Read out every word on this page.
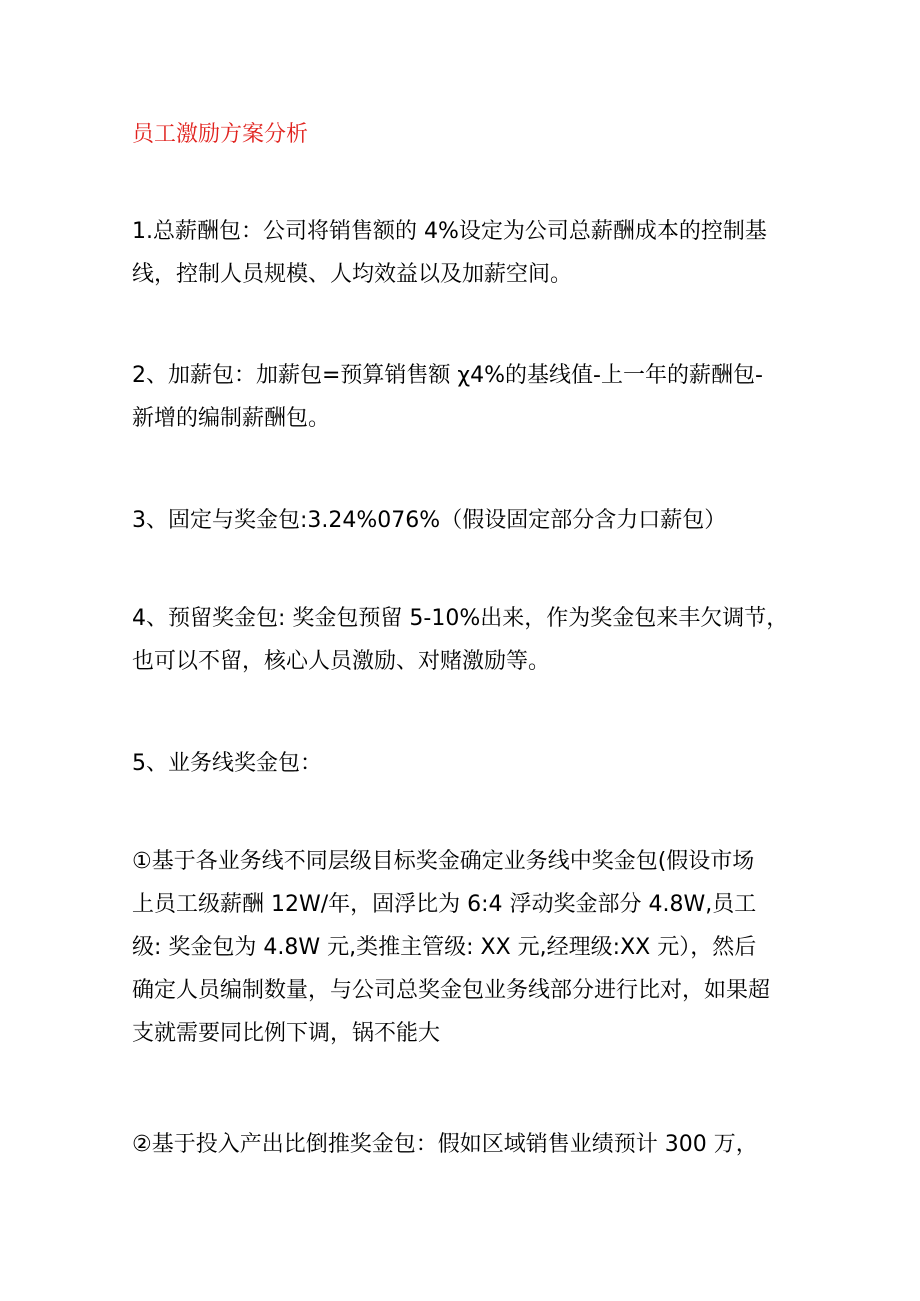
员工激励方案分析
1.总薪酬包：公司将销售额的 4%设定为公司总薪酬成本的控制基
线，控制人员规模、人均效益以及加薪空间。
2、加薪包：加薪包=预算销售额 χ4%的基线值-上一年的薪酬包-
新增的编制薪酬包。
3、固定与奖金包:3.24%076%（假设固定部分含力口薪包）
4、预留奖金包: 奖金包预留 5-10%出来，作为奖金包来丰欠调节，
也可以不留，核心人员激励、对赌激励等。
5、业务线奖金包：
①基于各业务线不同层级目标奖金确定业务线中奖金包(假设市场
上员工级薪酬 12W/年，固浮比为 6:4 浮动奖金部分 4.8W,员工
级: 奖金包为 4.8W 元,类推主管级: XX 元,经理级:XX 元），然后
确定人员编制数量，与公司总奖金包业务线部分进行比对，如果超
支就需要同比例下调，锅不能大
②基于投入产出比倒推奖金包：假如区域销售业绩预计 300 万，
